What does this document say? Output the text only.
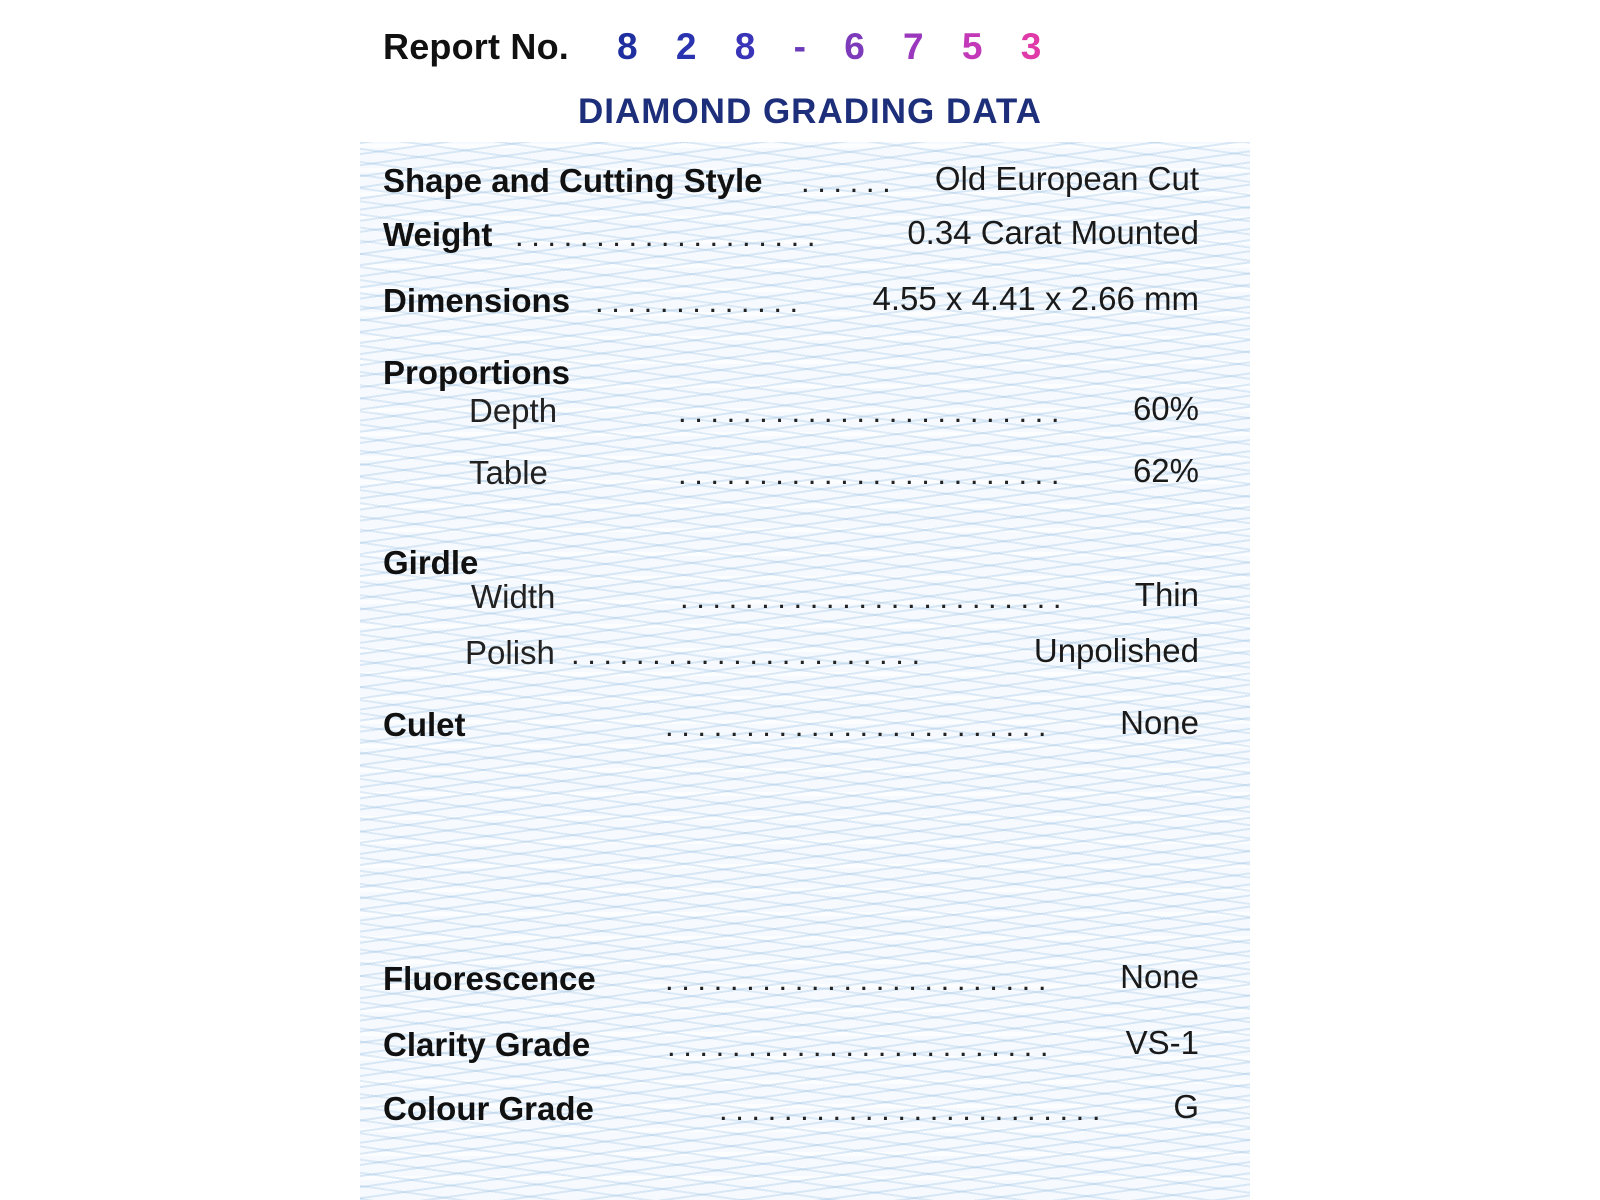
Report No. 8 2 8 - 6 7 5 3
DIAMOND GRADING DATA
Shape and Cutting Style ......	Old European Cut
Weight ...................	0.34 Carat Mounted
Dimensions .............	4.55 x 4.41 x 2.66 mm
Proportions
Depth	........................	60%
Table	........................	62%
Girdle
Width	........................	Thin
Polish ......................	Unpolished
Culet	........................	None
Fluorescence ........................	None
Clarity Grade ........................	VS-1
Colour Grade	........................	G
